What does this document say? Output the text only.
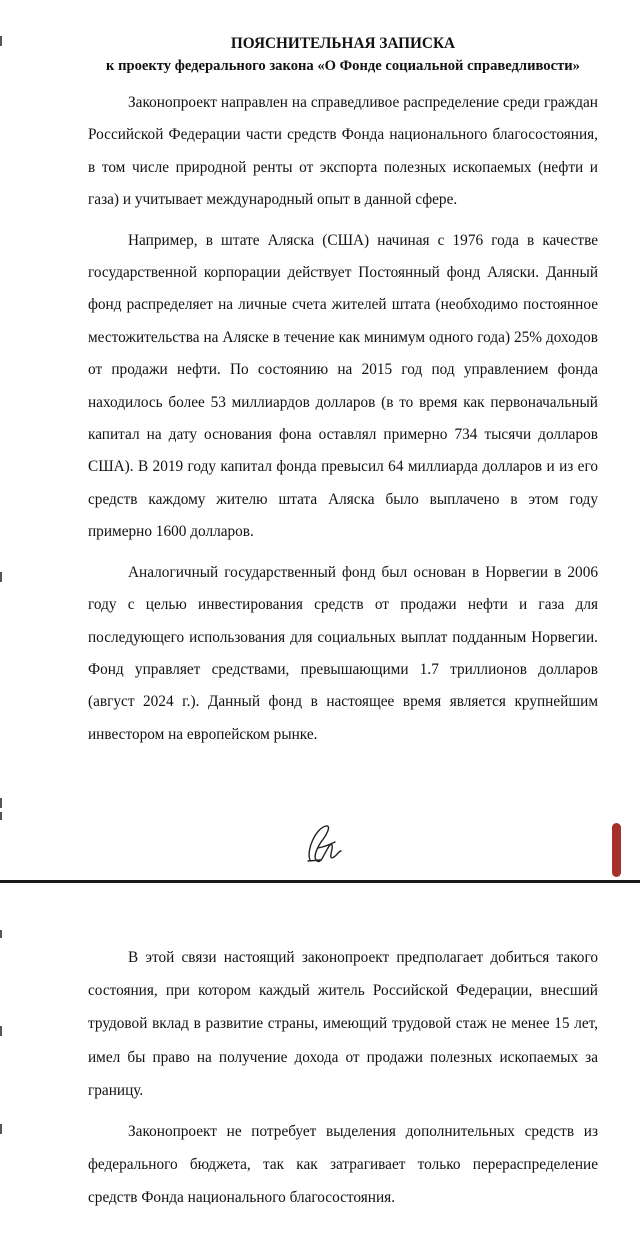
ПОЯСНИТЕЛЬНАЯ ЗАПИСКА
к проекту федерального закона «О Фонде социальной справедливости»

Законопроект направлен на справедливое распределение среди граждан Российской Федерации части средств Фонда национального благосостояния, в том числе природной ренты от экспорта полезных ископаемых (нефти и газа) и учитывает международный опыт в данной сфере.

Например, в штате Аляска (США) начиная с 1976 года в качестве государственной корпорации действует Постоянный фонд Аляски. Данный фонд распределяет на личные счета жителей штата (необходимо постоянное местожительства на Аляске в течение как минимум одного года) 25% доходов от продажи нефти. По состоянию на 2015 год под управлением фонда находилось более 53 миллиардов долларов (в то время как первоначальный капитал на дату основания фона оставлял примерно 734 тысячи долларов США). В 2019 году капитал фонда превысил 64 миллиарда долларов и из его средств каждому жителю штата Аляска было выплачено в этом году примерно 1600 долларов.

Аналогичный государственный фонд был основан в Норвегии в 2006 году с целью инвестирования средств от продажи нефти и газа для последующего использования для социальных выплат подданным Норвегии. Фонд управляет средствами, превышающими 1.7 триллионов долларов (август 2024 г.). Данный фонд в настоящее время является крупнейшим инвестором на европейском рынке.

В этой связи настоящий законопроект предполагает добиться такого состояния, при котором каждый житель Российской Федерации, внесший трудовой вклад в развитие страны, имеющий трудовой стаж не менее 15 лет, имел бы право на получение дохода от продажи полезных ископаемых за границу.

Законопроект не потребует выделения дополнительных средств из федерального бюджета, так как затрагивает только перераспределение средств Фонда национального благосостояния.
